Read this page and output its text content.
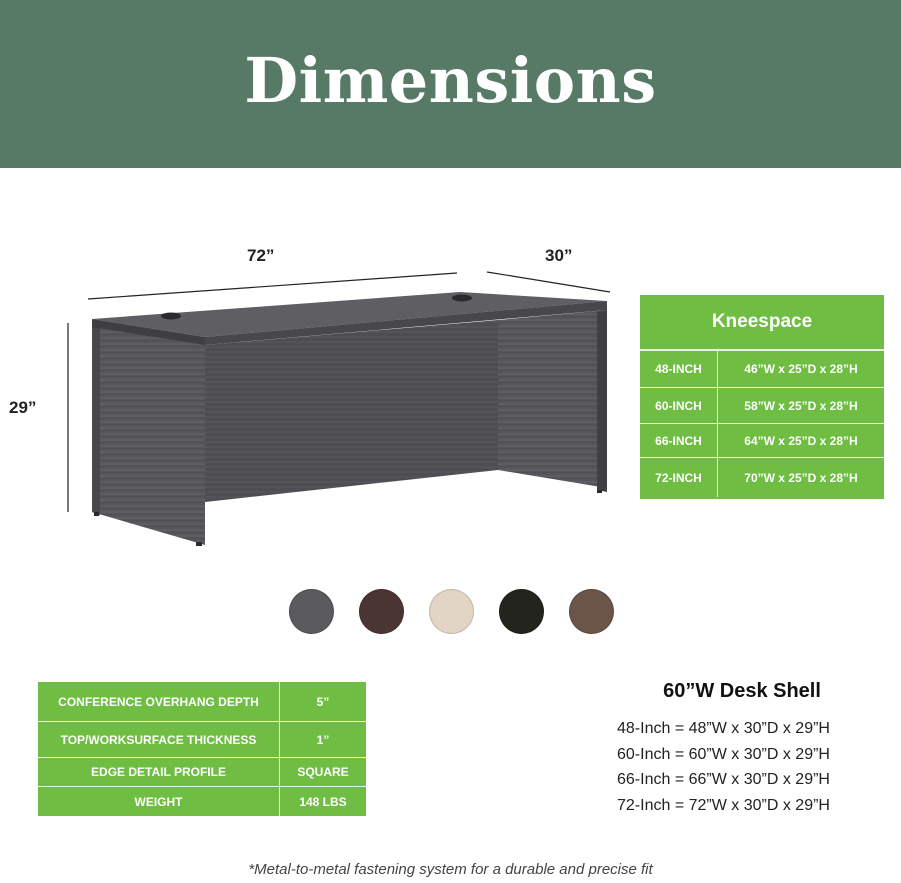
Dimensions
72”	30”
29”
Kneespace
48-INCH	46”W x 25”D x 28”H
60-INCH	58”W x 25”D x 28”H
66-INCH	64”W x 25”D x 28”H
72-INCH	70”W x 25”D x 28”H
CONFERENCE OVERHANG DEPTH	5”
TOP/WORKSURFACE THICKNESS	1”
EDGE DETAIL PROFILE	SQUARE
WEIGHT	148 LBS
60”W Desk Shell
48-Inch = 48”W x 30”D x 29”H
60-Inch = 60”W x 30”D x 29”H
66-Inch = 66”W x 30”D x 29”H
72-Inch = 72”W x 30”D x 29”H
*Metal-to-metal fastening system for a durable and precise fit
